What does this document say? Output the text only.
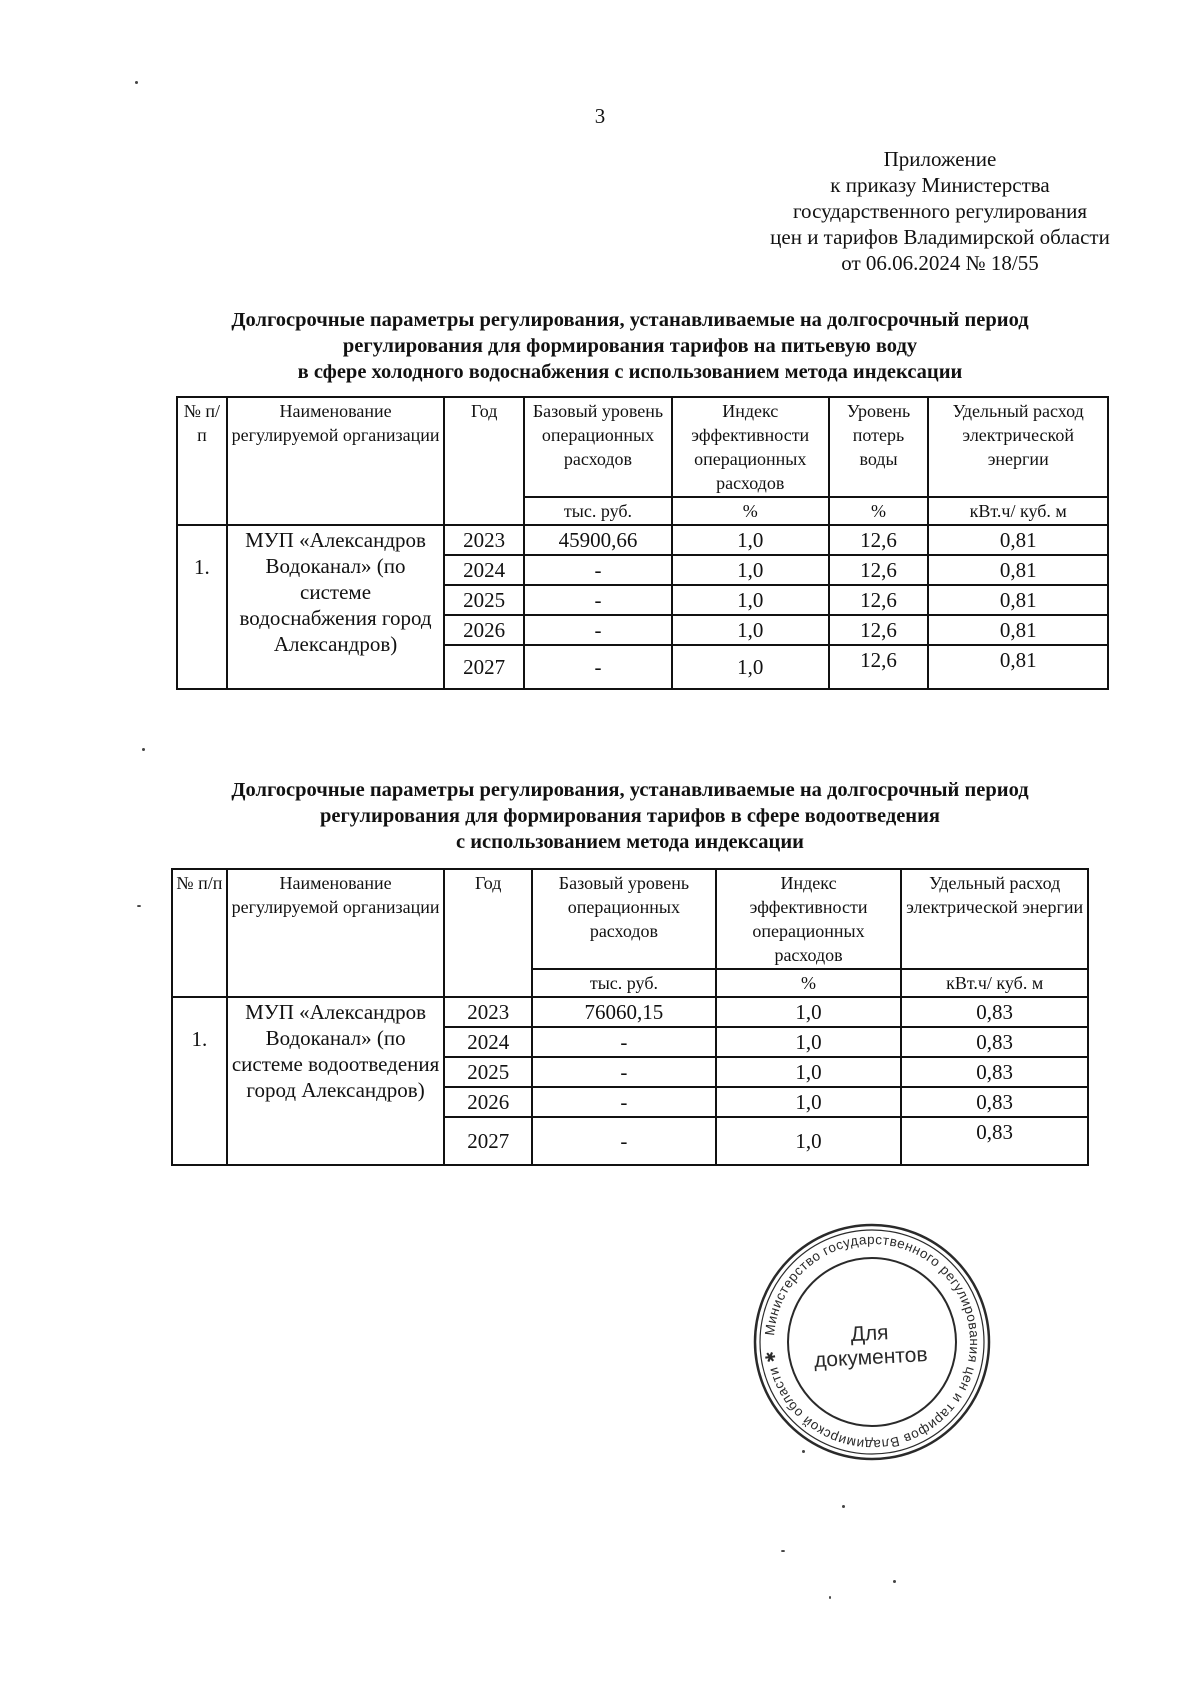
3
Приложение
к приказу Министерства
государственного регулирования
цен и тарифов Владимирской области
от 06.06.2024 № 18/55
Долгосрочные параметры регулирования, устанавливаемые на долгосрочный период
регулирования для формирования тарифов на питьевую воду
в сфере холодного водоснабжения с использованием метода индексации
№ п/п	Наименование регулируемой организации	Год	Базовый уровень операционных расходов	Индекс эффективности операционных расходов	Уровень потерь воды	Удельный расход электрической энергии
			тыс. руб.	%	%	кВт.ч/ куб. м
1.	МУП «Александров Водоканал» (по системе водоснабжения город Александров)	2023	45900,66	1,0	12,6	0,81
		2024	-	1,0	12,6	0,81
		2025	-	1,0	12,6	0,81
		2026	-	1,0	12,6	0,81
		2027	-	1,0	12,6	0,81
Долгосрочные параметры регулирования, устанавливаемые на долгосрочный период
регулирования для формирования тарифов в сфере водоотведения
с использованием метода индексации
№ п/п	Наименование регулируемой организации	Год	Базовый уровень операционных расходов	Индекс эффективности операционных расходов	Удельный расход электрической энергии
			тыс. руб.	%	кВт.ч/ куб. м
1.	МУП «Александров Водоканал» (по системе водоотведения город Александров)	2023	76060,15	1,0	0,83
		2024	-	1,0	0,83
		2025	-	1,0	0,83
		2026	-	1,0	0,83
		2027	-	1,0	0,83
Министерство государственного регулирования цен и тарифов Владимирской области ✱
Для
документов
